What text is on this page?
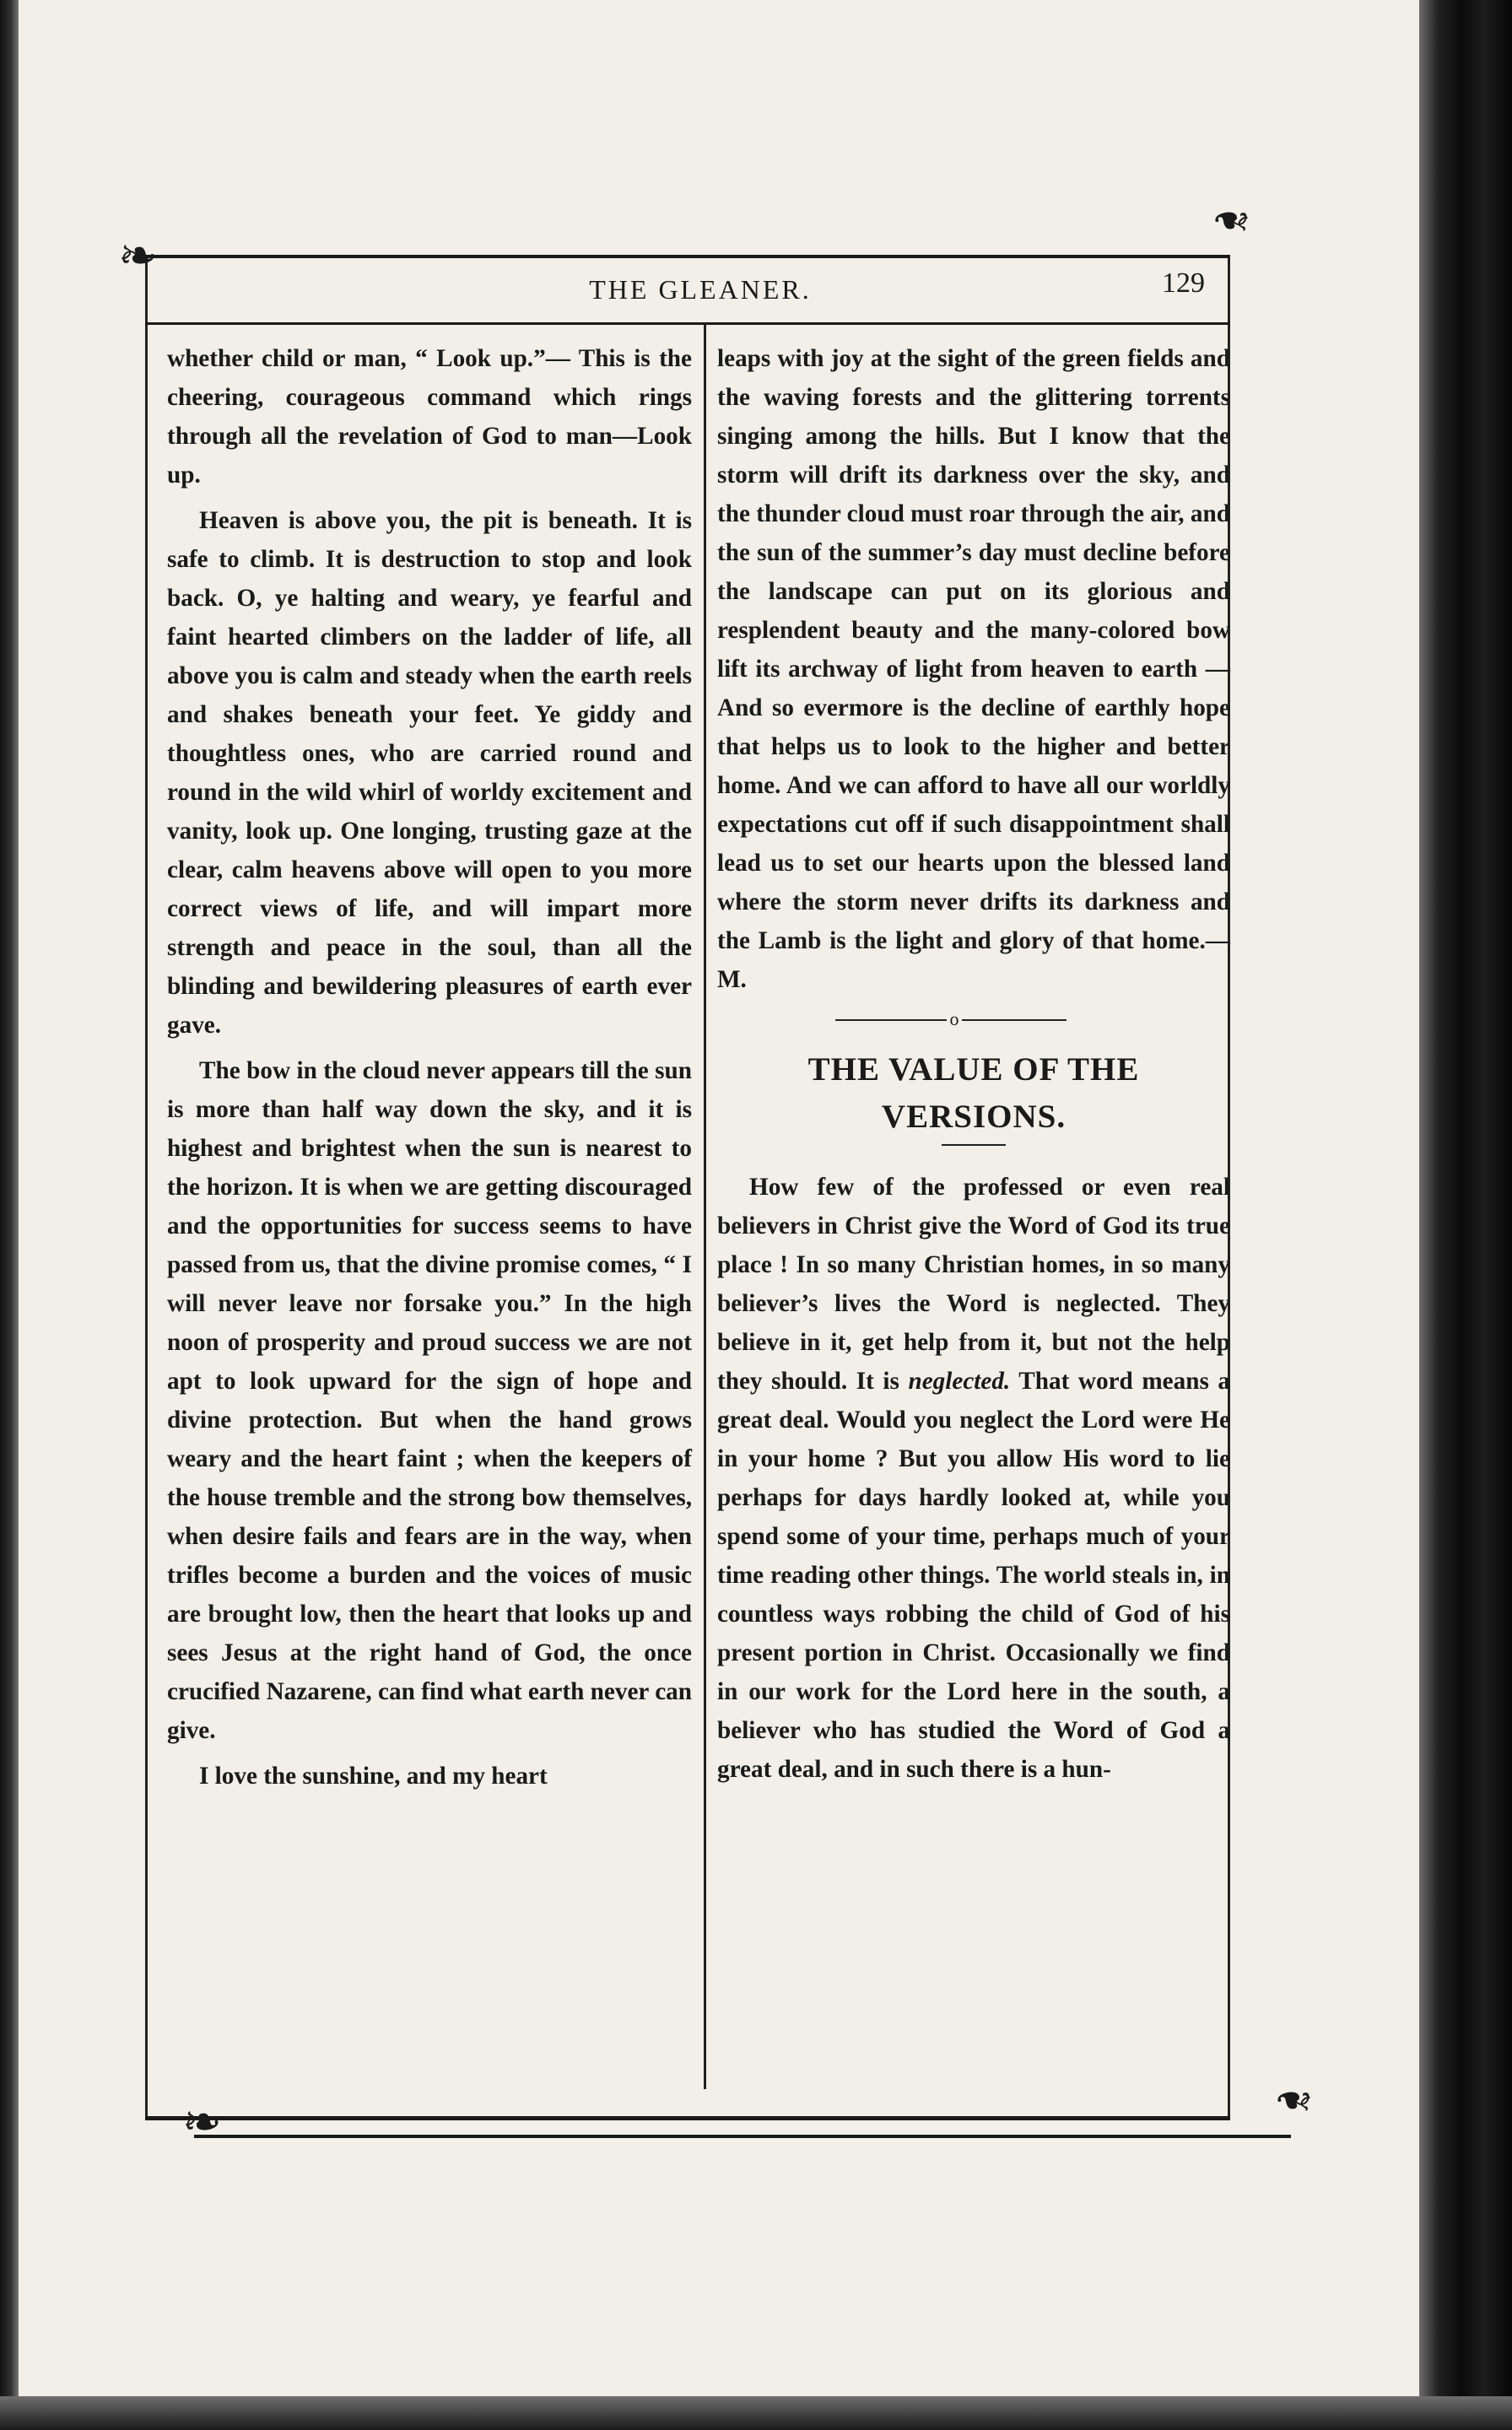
❧
❧
❧	❧
THE GLEANER.	129

whether child or man, “ Look up.”— This is the cheering, courageous command which rings through all the revelation of God to man—Look up.

Heaven is above you, the pit is beneath. It is safe to climb. It is destruction to stop and look back. O, ye halting and weary, ye fearful and faint hearted climbers on the ladder of life, all above you is calm and steady when the earth reels and shakes beneath your feet. Ye giddy and thoughtless ones, who are carried round and round in the wild whirl of worldy excitement and vanity, look up. One longing, trusting gaze at the clear, calm heavens above will open to you more correct views of life, and will impart more strength and peace in the soul, than all the blinding and bewildering pleasures of earth ever gave.

The bow in the cloud never appears till the sun is more than half way down the sky, and it is highest and brightest when the sun is nearest to the horizon. It is when we are getting discouraged and the opportunities for success seems to have passed from us, that the divine promise comes, “ I will never leave nor forsake you.” In the high noon of prosperity and proud success we are not apt to look upward for the sign of hope and divine protection. But when the hand grows weary and the heart faint ; when the keepers of the house tremble and the strong bow themselves, when desire fails and fears are in the way, when trifles become a burden and the voices of music are brought low, then the heart that looks up and sees Jesus at the right hand of God, the once crucified Nazarene, can find what earth never can give.

I love the sunshine, and my heart

leaps with joy at the sight of the green fields and the waving forests and the glittering torrents singing among the hills. But I know that the storm will drift its darkness over the sky, and the thunder cloud must roar through the air, and the sun of the summer’s day must decline before the landscape can put on its glorious and resplendent beauty and the many-colored bow lift its archway of light from heaven to earth — And so evermore is the decline of earthly hope that helps us to look to the higher and better home. And we can afford to have all our worldly expectations cut off if such disappointment shall lead us to set our hearts upon the blessed land where the storm never drifts its darkness and the Lamb is the light and glory of that home.—M.

o
THE VALUE OF THE
VERSIONS.

How few of the professed or even real believers in Christ give the Word of God its true place ! In so many Christian homes, in so many believer’s lives the Word is neglected. They believe in it, get help from it, but not the help they should. It is neglected. That word means a great deal. Would you neglect the Lord were He in your home ? But you allow His word to lie perhaps for days hardly looked at, while you spend some of your time, perhaps much of your time reading other things. The world steals in, in countless ways robbing the child of God of his present portion in Christ. Occasionally we find in our work for the Lord here in the south, a believer who has studied the Word of God a great deal, and in such there is a hun-
